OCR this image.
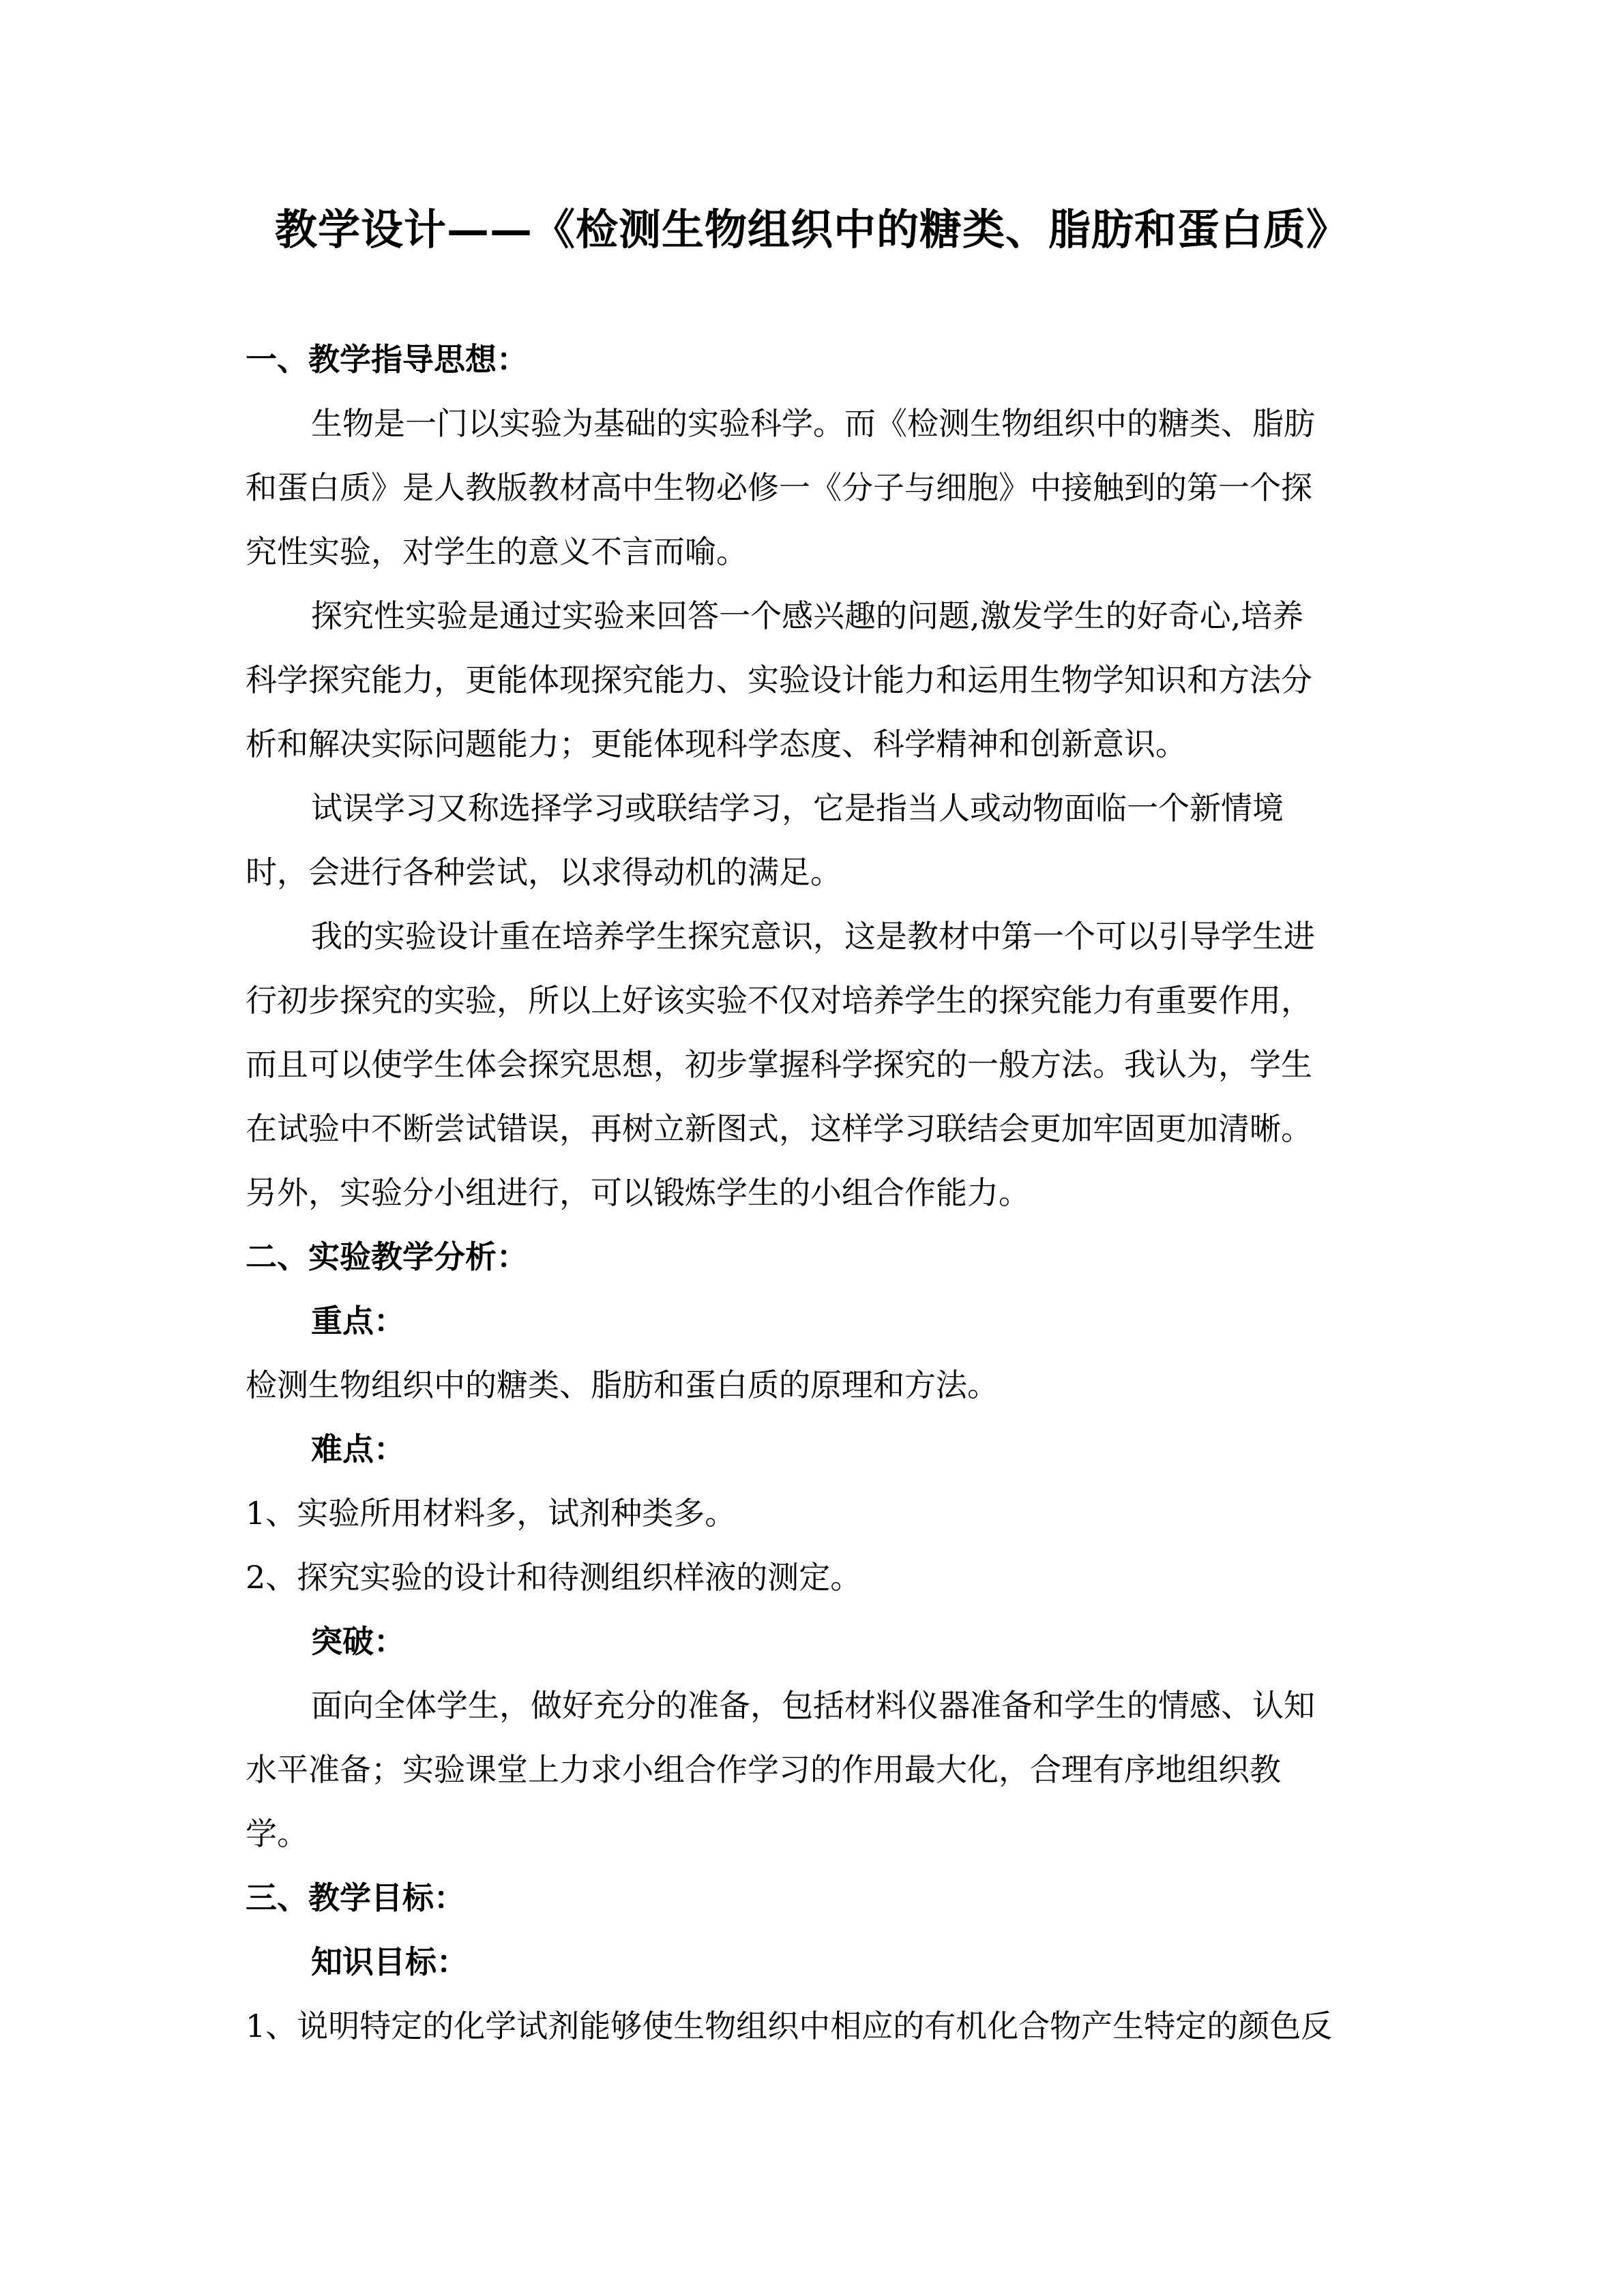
教学设计——《检测生物组织中的糖类、脂肪和蛋白质》
一、教学指导思想：
生物是一门以实验为基础的实验科学。而《检测生物组织中的糖类、脂肪
和蛋白质》是人教版教材高中生物必修一《分子与细胞》中接触到的第一个探
究性实验，对学生的意义不言而喻。
探究性实验是通过实验来回答一个感兴趣的问题,激发学生的好奇心,培养
科学探究能力，更能体现探究能力、实验设计能力和运用生物学知识和方法分
析和解决实际问题能力；更能体现科学态度、科学精神和创新意识。
试误学习又称选择学习或联结学习，它是指当人或动物面临一个新情境
时，会进行各种尝试，以求得动机的满足。
我的实验设计重在培养学生探究意识，这是教材中第一个可以引导学生进
行初步探究的实验，所以上好该实验不仅对培养学生的探究能力有重要作用，
而且可以使学生体会探究思想，初步掌握科学探究的一般方法。我认为，学生
在试验中不断尝试错误，再树立新图式，这样学习联结会更加牢固更加清晰。
另外，实验分小组进行，可以锻炼学生的小组合作能力。
二、实验教学分析：
重点：
检测生物组织中的糖类、脂肪和蛋白质的原理和方法。
难点：
1、实验所用材料多，试剂种类多。
2、探究实验的设计和待测组织样液的测定。
突破：
面向全体学生，做好充分的准备，包括材料仪器准备和学生的情感、认知
水平准备；实验课堂上力求小组合作学习的作用最大化，合理有序地组织教
学。
三、教学目标：
知识目标：
1、说明特定的化学试剂能够使生物组织中相应的有机化合物产生特定的颜色反
